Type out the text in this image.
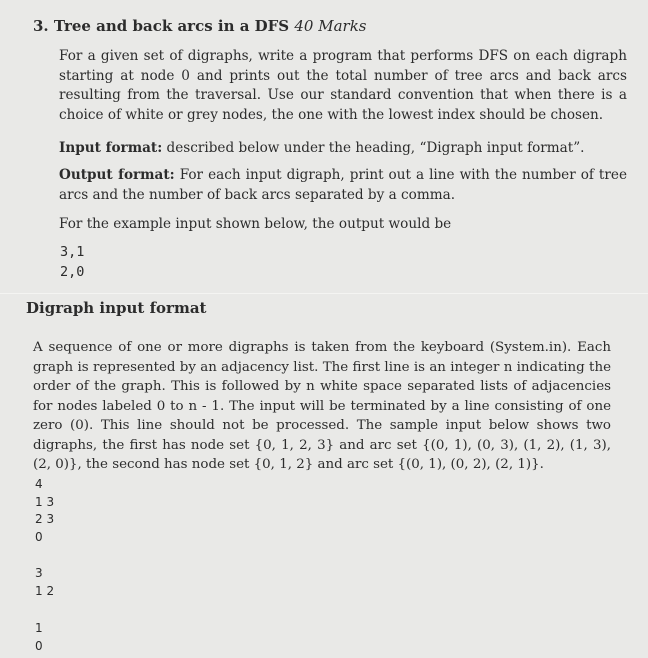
3. Tree and back arcs in a DFS 40 Marks

For a given set of digraphs, write a program that performs DFS on each digraph starting at node 0 and prints out the total number of tree arcs and back arcs resulting from the traversal. Use our standard convention that when there is a choice of white or grey nodes, the one with the lowest index should be chosen.

Input format: described below under the heading, “Digraph input format”.

Output format: For each input digraph, print out a line with the number of tree arcs and the number of back arcs separated by a comma.

For the example input shown below, the output would be

3,1
2,0
Digraph input format

A sequence of one or more digraphs is taken from the keyboard (System.in). Each graph is represented by an adjacency list. The first line is an integer n indicating the order of the graph. This is followed by n white space separated lists of adjacencies for nodes labeled 0 to n - 1. The input will be terminated by a line consisting of one zero (0). This line should not be processed. The sample input below shows two digraphs, the first has node set {0, 1, 2, 3} and arc set {(0, 1), (0, 3), (1, 2), (1, 3), (2, 0)}, the second has node set {0, 1, 2} and arc set {(0, 1), (0, 2), (2, 1)}.

4
1 3
2 3
0
3
1 2
1
0
